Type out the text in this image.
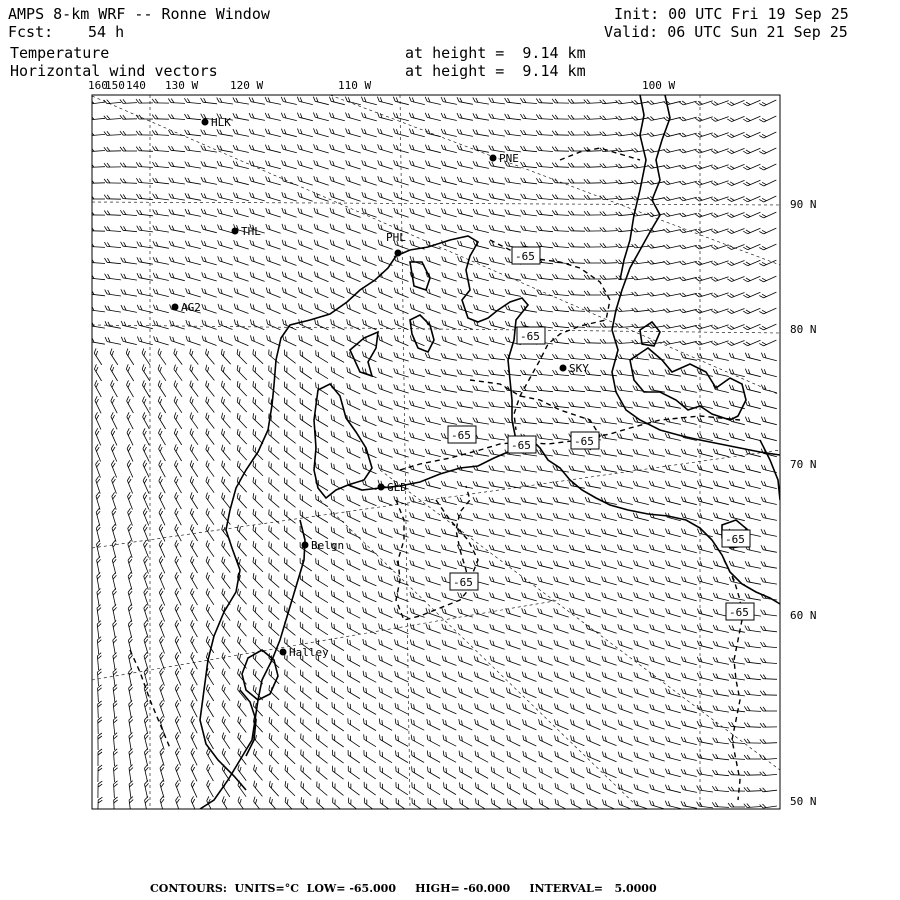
AMPS 8-km WRF -- Ronne Window
Fcst: 54 h
Temperature
Horizontal wind vectors
at height =  9.14 km
at height =  9.14 km
Init: 00 UTC Fri 19 Sep 25
Valid: 06 UTC Sun 21 Sep 25
-65
-65
-65	-65
-65
-65
-65
-65
HLK
PNE
THL	PHL
AG2
SKY
GLD
Belgn
Halley
160
150 140 130 W	120 W	110 W	100 W
90 N
80 N
70 N
60 N
50 N
CONTOURS:  UNITS=°C  LOW= -65.000     HIGH= -60.000     INTERVAL=   5.0000
